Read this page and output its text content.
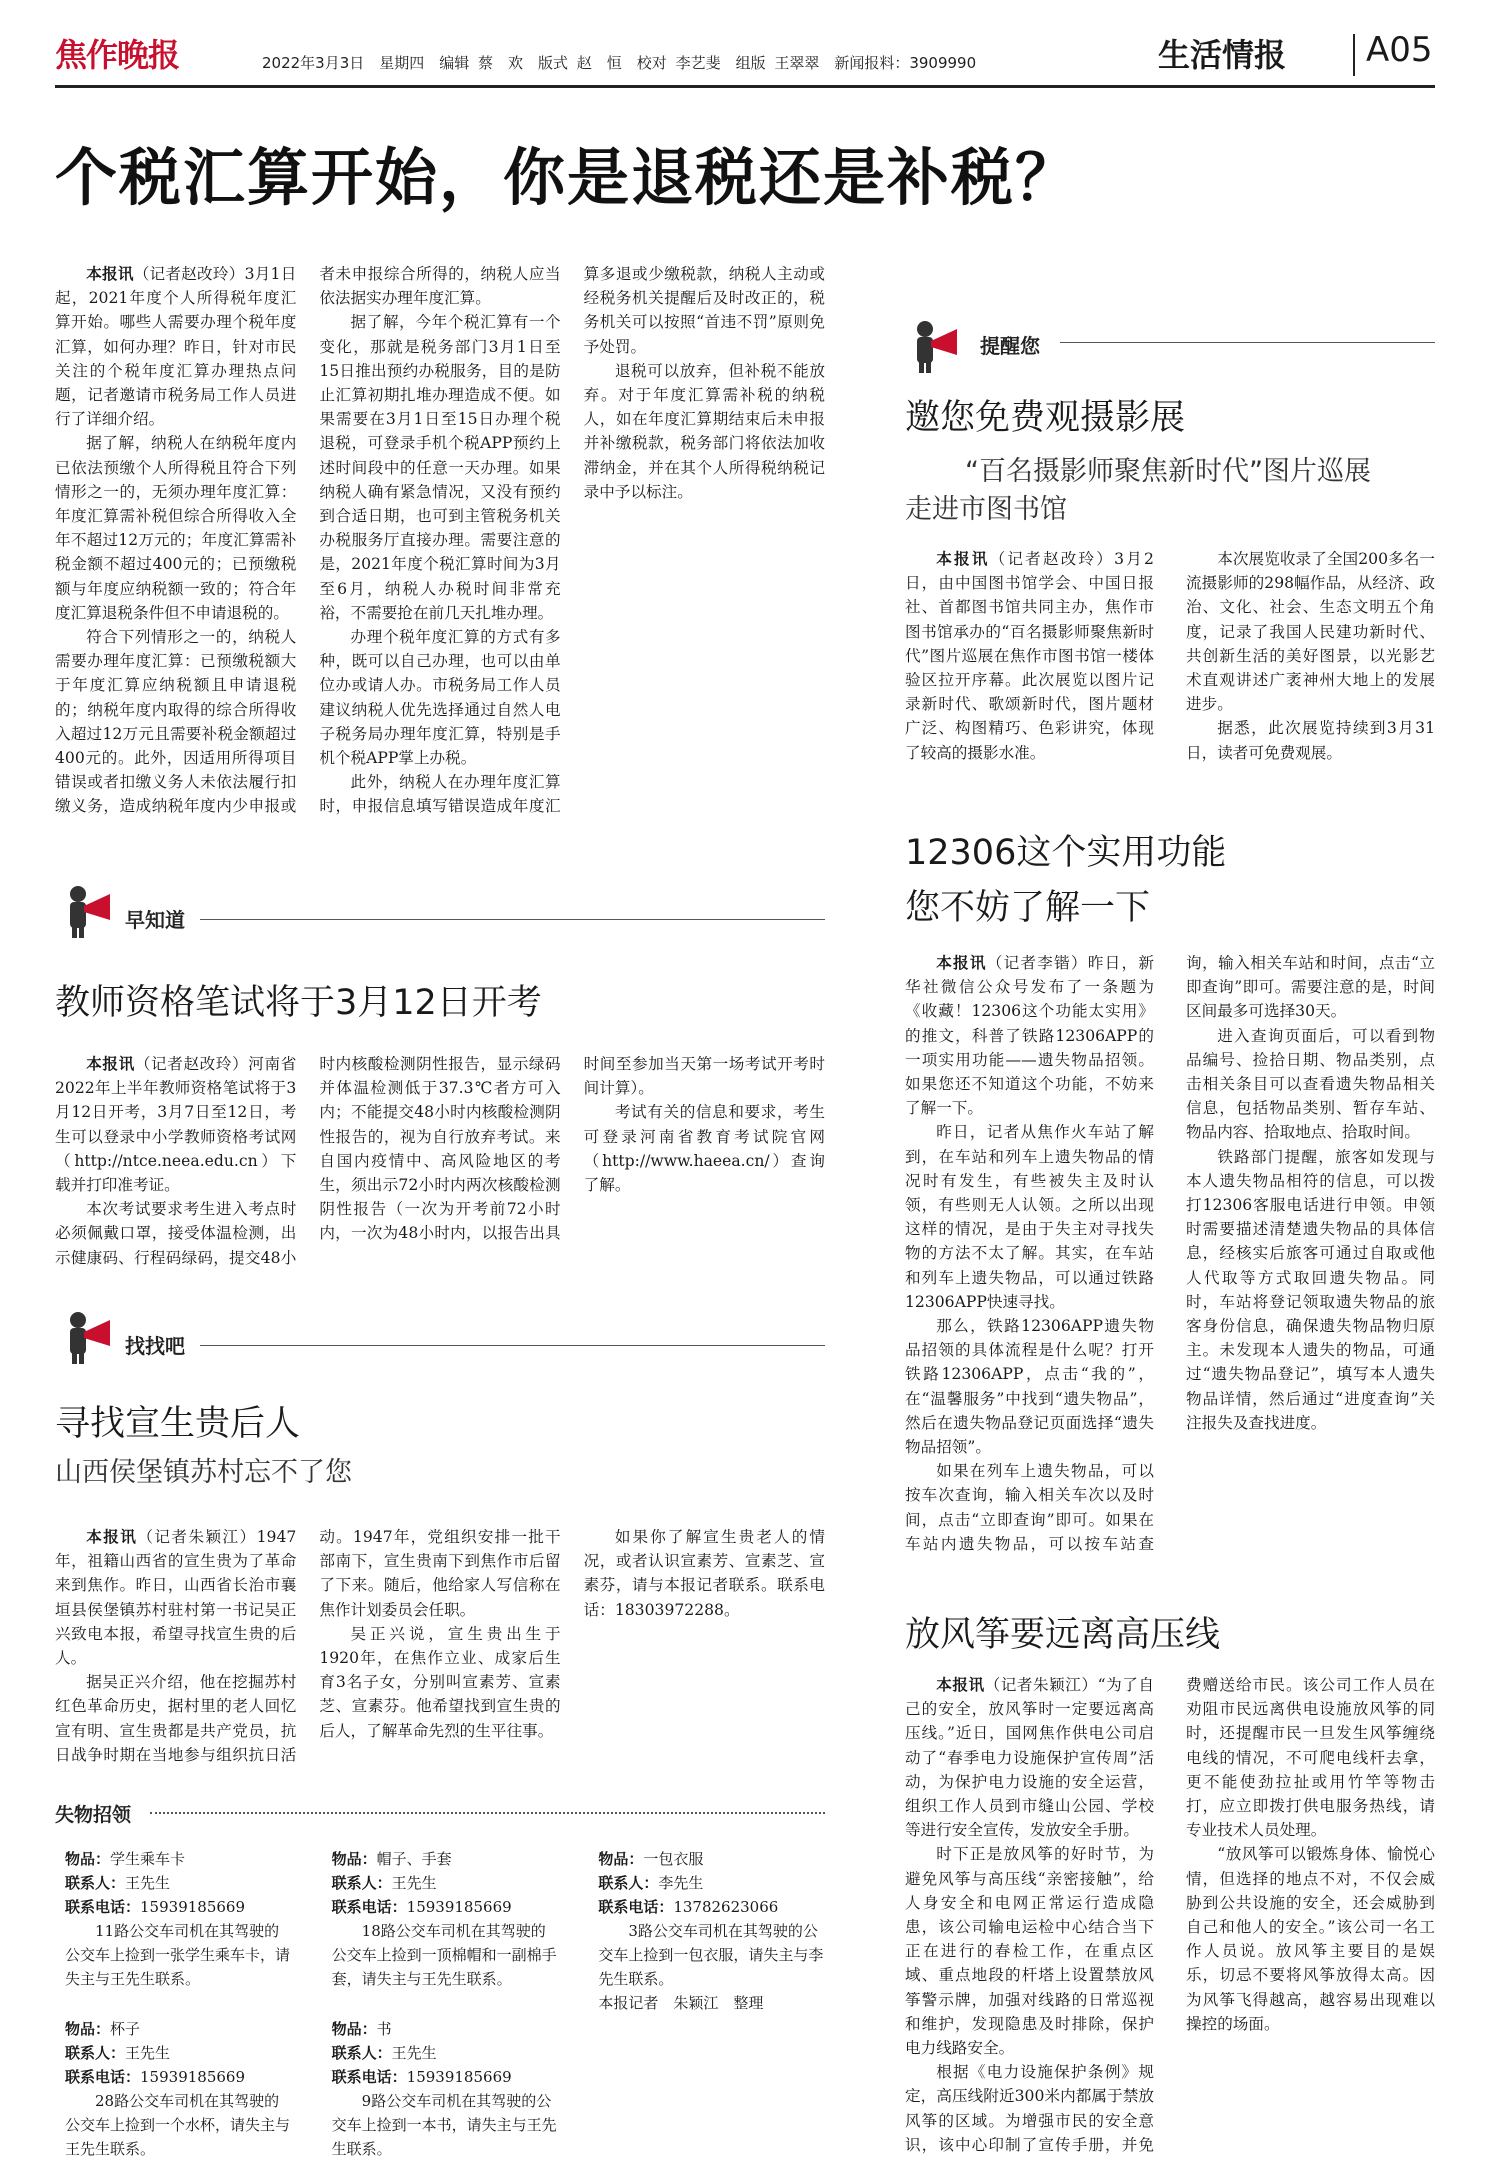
焦作晚报	2022年3月3日　星期四　编辑 蔡　欢　版式 赵　恒　校对 李艺斐　组版 王翠翠　新闻报料：3909990	生活情报 A05
个税汇算开始，你是退税还是补税？

本报讯（记者赵改玲）3月1日起，2021年度个人所得税年度汇算开始。哪些人需要办理个税年度汇算，如何办理？昨日，针对市民关注的个税年度汇算办理热点问题，记者邀请市税务局工作人员进行了详细介绍。

据了解，纳税人在纳税年度内已依法预缴个人所得税且符合下列情形之一的，无须办理年度汇算：年度汇算需补税但综合所得收入全年不超过12万元的；年度汇算需补税金额不超过400元的；已预缴税额与年度应纳税额一致的；符合年度汇算退税条件但不申请退税的。

符合下列情形之一的，纳税人需要办理年度汇算：已预缴税额大于年度汇算应纳税额且申请退税的；纳税年度内取得的综合所得收入超过12万元且需要补税金额超过400元的。此外，因适用所得项目错误或者扣缴义务人未依法履行扣缴义务，造成纳税年度内少申报或者未申报综合所得的，纳税人应当依法据实办理年度汇算。

据了解，今年个税汇算有一个变化，那就是税务部门3月1日至15日推出预约办税服务，目的是防止汇算初期扎堆办理造成不便。如果需要在3月1日至15日办理个税退税，可登录手机个税APP预约上述时间段中的任意一天办理。如果纳税人确有紧急情况，又没有预约到合适日期，也可到主管税务机关办税服务厅直接办理。需要注意的是，2021年度个税汇算时间为3月至6月，纳税人办税时间非常充裕，不需要抢在前几天扎堆办理。

办理个税年度汇算的方式有多种，既可以自己办理，也可以由单位办或请人办。市税务局工作人员建议纳税人优先选择通过自然人电子税务局办理年度汇算，特别是手机个税APP掌上办税。

此外，纳税人在办理年度汇算时，申报信息填写错误造成年度汇算多退或少缴税款，纳税人主动或经税务机关提醒后及时改正的，税务机关可以按照“首违不罚”原则免予处罚。

退税可以放弃，但补税不能放弃。对于年度汇算需补税的纳税人，如在年度汇算期结束后未申报并补缴税款，税务部门将依法加收滞纳金，并在其个人所得税纳税记录中予以标注。

早知道
教师资格笔试将于3月12日开考

本报讯（记者赵改玲）河南省2022年上半年教师资格笔试将于3月12日开考，3月7日至12日，考生可以登录中小学教师资格考试网（http://ntce.neea.edu.cn）下载并打印准考证。

本次考试要求考生进入考点时必须佩戴口罩，接受体温检测，出示健康码、行程码绿码，提交48小时内核酸检测阴性报告，显示绿码并体温检测低于37.3℃者方可入内；不能提交48小时内核酸检测阴性报告的，视为自行放弃考试。来自国内疫情中、高风险地区的考生，须出示72小时内两次核酸检测阴性报告（一次为开考前72小时内，一次为48小时内，以报告出具时间至参加当天第一场考试开考时间计算）。

考试有关的信息和要求，考生可登录河南省教育考试院官网（http://www.haeea.cn/）查询了解。

找找吧
寻找宣生贵后人
山西侯堡镇苏村忘不了您

本报讯（记者朱颖江）1947年，祖籍山西省的宣生贵为了革命来到焦作。昨日，山西省长治市襄垣县侯堡镇苏村驻村第一书记吴正兴致电本报，希望寻找宣生贵的后人。

据吴正兴介绍，他在挖掘苏村红色革命历史，据村里的老人回忆宣有明、宣生贵都是共产党员，抗日战争时期在当地参与组织抗日活动。1947年，党组织安排一批干部南下，宣生贵南下到焦作市后留了下来。随后，他给家人写信称在焦作计划委员会任职。

吴正兴说，宣生贵出生于1920年，在焦作立业、成家后生育3名子女，分别叫宣素芳、宣素芝、宣素芬。他希望找到宣生贵的后人，了解革命先烈的生平往事。

如果你了解宣生贵老人的情况，或者认识宣素芳、宣素芝、宣素芬，请与本报记者联系。联系电话：18303972288。

失物招领
物品：学生乘车卡
联系人：王先生
联系电话：15939185669

11路公交车司机在其驾驶的公交车上捡到一张学生乘车卡，请失主与王先生联系。

物品：杯子
联系人：王先生
联系电话：15939185669

28路公交车司机在其驾驶的公交车上捡到一个水杯，请失主与王先生联系。

物品：帽子、手套
联系人：王先生
联系电话：15939185669

18路公交车司机在其驾驶的公交车上捡到一顶棉帽和一副棉手套，请失主与王先生联系。

物品：书
联系人：王先生
联系电话：15939185669

9路公交车司机在其驾驶的公交车上捡到一本书，请失主与王先生联系。

物品：一包衣服
联系人：李先生
联系电话：13782623066

3路公交车司机在其驾驶的公交车上捡到一包衣服，请失主与李先生联系。

本报记者　朱颖江　整理
提醒您
邀您免费观摄影展
“百名摄影师聚焦新时代”图片巡展
走进市图书馆

本报讯（记者赵改玲）3月2日，由中国图书馆学会、中国日报社、首都图书馆共同主办，焦作市图书馆承办的“百名摄影师聚焦新时代”图片巡展在焦作市图书馆一楼体验区拉开序幕。此次展览以图片记录新时代、歌颂新时代，图片题材广泛、构图精巧、色彩讲究，体现了较高的摄影水准。

本次展览收录了全国200多名一流摄影师的298幅作品，从经济、政治、文化、社会、生态文明五个角度，记录了我国人民建功新时代、共创新生活的美好图景，以光影艺术直观讲述广袤神州大地上的发展进步。

据悉，此次展览持续到3月31日，读者可免费观展。

12306这个实用功能
您不妨了解一下

本报讯（记者李锴）昨日，新华社微信公众号发布了一条题为《收藏！12306这个功能太实用》的推文，科普了铁路12306APP的一项实用功能——遗失物品招领。如果您还不知道这个功能，不妨来了解一下。

昨日，记者从焦作火车站了解到，在车站和列车上遗失物品的情况时有发生，有些被失主及时认领，有些则无人认领。之所以出现这样的情况，是由于失主对寻找失物的方法不太了解。其实，在车站和列车上遗失物品，可以通过铁路12306APP快速寻找。

那么，铁路12306APP遗失物品招领的具体流程是什么呢？打开铁路12306APP，点击“我的”，在“温馨服务”中找到“遗失物品”，然后在遗失物品登记页面选择“遗失物品招领”。

如果在列车上遗失物品，可以按车次查询，输入相关车次以及时间，点击“立即查询”即可。如果在车站内遗失物品，可以按车站查询，输入相关车站和时间，点击“立即查询”即可。需要注意的是，时间区间最多可选择30天。

进入查询页面后，可以看到物品编号、捡拾日期、物品类别，点击相关条目可以查看遗失物品相关信息，包括物品类别、暂存车站、物品内容、拾取地点、拾取时间。

铁路部门提醒，旅客如发现与本人遗失物品相符的信息，可以拨打12306客服电话进行申领。申领时需要描述清楚遗失物品的具体信息，经核实后旅客可通过自取或他人代取等方式取回遗失物品。同时，车站将登记领取遗失物品的旅客身份信息，确保遗失物品物归原主。未发现本人遗失的物品，可通过“遗失物品登记”，填写本人遗失物品详情，然后通过“进度查询”关注报失及查找进度。

放风筝要远离高压线

本报讯（记者朱颖江）“为了自己的安全，放风筝时一定要远离高压线。”近日，国网焦作供电公司启动了“春季电力设施保护宣传周”活动，为保护电力设施的安全运营，组织工作人员到市缝山公园、学校等进行安全宣传，发放安全手册。

时下正是放风筝的好时节，为避免风筝与高压线“亲密接触”，给人身安全和电网正常运行造成隐患，该公司输电运检中心结合当下正在进行的春检工作，在重点区域、重点地段的杆塔上设置禁放风筝警示牌，加强对线路的日常巡视和维护，发现隐患及时排除，保护电力线路安全。

根据《电力设施保护条例》规定，高压线附近300米内都属于禁放风筝的区域。为增强市民的安全意识，该中心印制了宣传手册，并免费赠送给市民。该公司工作人员在劝阻市民远离供电设施放风筝的同时，还提醒市民一旦发生风筝缠绕电线的情况，不可爬电线杆去拿，更不能使劲拉扯或用竹竿等物击打，应立即拨打供电服务热线，请专业技术人员处理。

“放风筝可以锻炼身体、愉悦心情，但选择的地点不对，不仅会威胁到公共设施的安全，还会威胁到自己和他人的安全。”该公司一名工作人员说。放风筝主要目的是娱乐，切忌不要将风筝放得太高。因为风筝飞得越高，越容易出现难以操控的场面。
